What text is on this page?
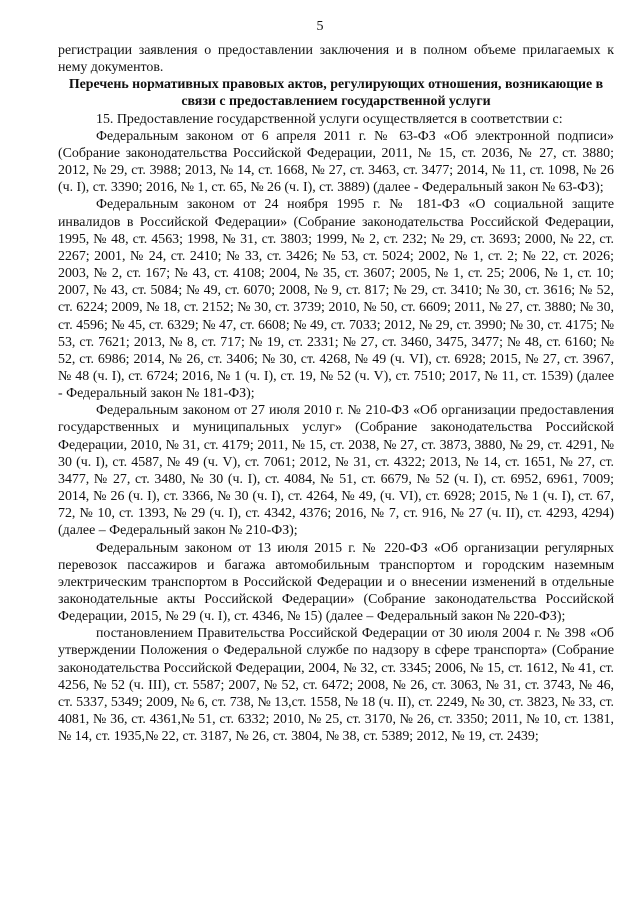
5

регистрации заявления о предоставлении заключения и в полном объеме прилагаемых к нему документов.

Перечень нормативных правовых актов, регулирующих отношения, возникающие в связи с предоставлением государственной услуги

15. Предоставление государственной услуги осуществляется в соответствии с:

Федеральным законом от 6 апреля 2011 г. № 63-ФЗ «Об электронной подписи» (Собрание законодательства Российской Федерации, 2011, № 15, ст. 2036, № 27, ст. 3880; 2012, № 29, ст. 3988; 2013, № 14, ст. 1668, № 27, ст. 3463, ст. 3477; 2014, № 11, ст. 1098, № 26 (ч. I), ст. 3390; 2016, № 1, ст. 65, № 26 (ч. I), ст. 3889) (далее - Федеральный закон № 63-ФЗ);

Федеральным законом от 24 ноября 1995 г. № 181-ФЗ «О социальной защите инвалидов в Российской Федерации» (Собрание законодательства Российской Федерации, 1995, № 48, ст. 4563; 1998, № 31, ст. 3803; 1999, № 2, ст. 232; № 29, ст. 3693; 2000, № 22, ст. 2267; 2001, № 24, ст. 2410; № 33, ст. 3426; № 53, ст. 5024; 2002, № 1, ст. 2; № 22, ст. 2026; 2003, № 2, ст. 167; № 43, ст. 4108; 2004, № 35, ст. 3607; 2005, № 1, ст. 25; 2006, № 1, ст. 10; 2007, № 43, ст. 5084; № 49, ст. 6070; 2008, № 9, ст. 817; № 29, ст. 3410; № 30, ст. 3616; № 52, ст. 6224; 2009, № 18, ст. 2152; № 30, ст. 3739; 2010, № 50, ст. 6609; 2011, № 27, ст. 3880; № 30, ст. 4596; № 45, ст. 6329; № 47, ст. 6608; № 49, ст. 7033; 2012, № 29, ст. 3990; № 30, ст. 4175; № 53, ст. 7621; 2013, № 8, ст. 717; № 19, ст. 2331; № 27, ст. 3460, 3475, 3477; № 48, ст. 6160; № 52, ст. 6986; 2014, № 26, ст. 3406; № 30, ст. 4268, № 49 (ч. VI), ст. 6928; 2015, № 27, ст. 3967, № 48 (ч. I), ст. 6724; 2016, № 1 (ч. I), ст. 19, № 52 (ч. V), ст. 7510; 2017, № 11, ст. 1539) (далее - Федеральный закон № 181-ФЗ);

Федеральным законом от 27 июля 2010 г. № 210-ФЗ «Об организации предоставления государственных и муниципальных услуг» (Собрание законодательства Российской Федерации, 2010, № 31, ст. 4179; 2011, № 15, ст. 2038, № 27, ст. 3873, 3880, № 29, ст. 4291, № 30 (ч. I), ст. 4587, № 49 (ч. V), ст. 7061; 2012, № 31, ст. 4322; 2013, № 14, ст. 1651, № 27, ст. 3477, № 27, ст. 3480, № 30 (ч. I), ст. 4084, № 51, ст. 6679, № 52 (ч. I), ст. 6952, 6961, 7009; 2014, № 26 (ч. I), ст. 3366, № 30 (ч. I), ст. 4264, № 49, (ч. VI), ст. 6928; 2015, № 1 (ч. I), ст. 67, 72, № 10, ст. 1393, № 29 (ч. I), ст. 4342, 4376; 2016, № 7, ст. 916, № 27 (ч. II), ст. 4293, 4294) (далее – Федеральный закон № 210-ФЗ);

Федеральным законом от 13 июля 2015 г. № 220-ФЗ «Об организации регулярных перевозок пассажиров и багажа автомобильным транспортом и городским наземным электрическим транспортом в Российской Федерации и о внесении изменений в отдельные законодательные акты Российской Федерации» (Собрание законодательства Российской Федерации, 2015, № 29 (ч. I), ст. 4346, № 15) (далее – Федеральный закон № 220-ФЗ);

постановлением Правительства Российской Федерации от 30 июля 2004 г. № 398 «Об утверждении Положения о Федеральной службе по надзору в сфере транспорта» (Собрание законодательства Российской Федерации, 2004, № 32, ст. 3345; 2006, № 15, ст. 1612, № 41, ст. 4256, № 52 (ч. III), ст. 5587; 2007, № 52, ст. 6472; 2008, № 26, ст. 3063, № 31, ст. 3743, № 46, ст. 5337, 5349; 2009, № 6, ст. 738, № 13,ст. 1558, № 18 (ч. II), ст. 2249, № 30, ст. 3823, № 33, ст. 4081, № 36, ст. 4361,№ 51, ст. 6332; 2010, № 25, ст. 3170, № 26, ст. 3350; 2011, № 10, ст. 1381, № 14, ст. 1935,№ 22, ст. 3187, № 26, ст. 3804, № 38, ст. 5389; 2012, № 19, ст. 2439;
